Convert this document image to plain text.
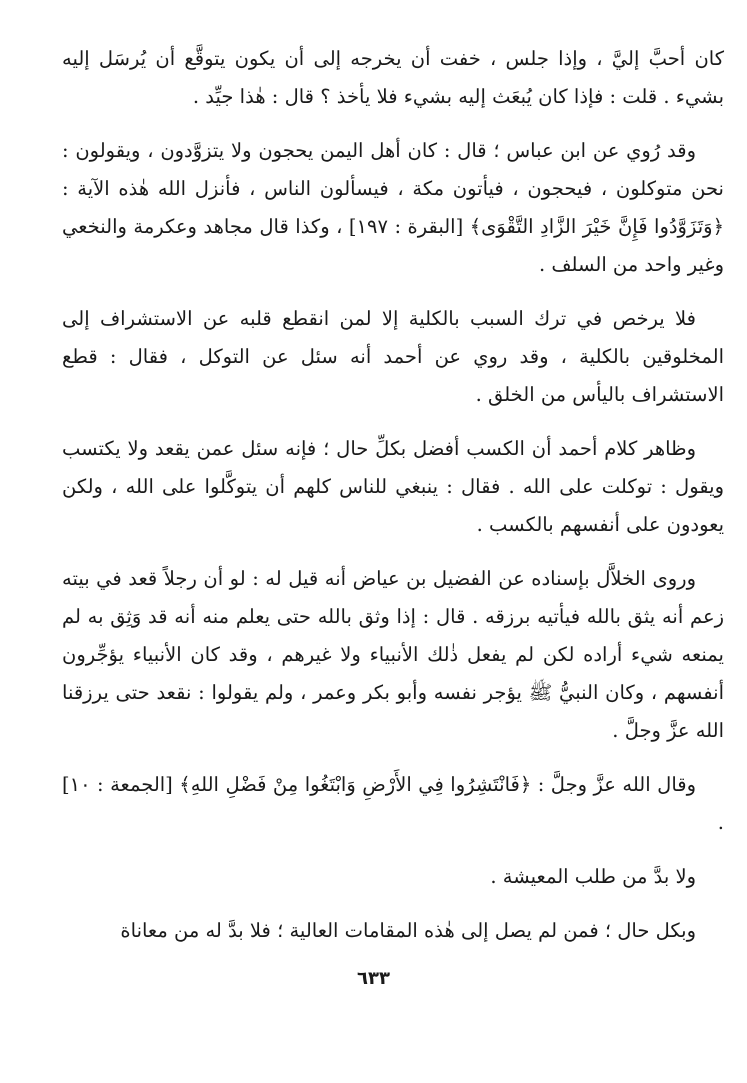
كان أحبَّ إليَّ ، وإذا جلس ، خفت أن يخرجه إلى أن يكون يتوقَّع أن يُرسَل إليه بشيء . قلت : فإذا كان يُبعَث إليه بشيء فلا يأخذ ؟ قال : هٰذا جيِّد .

وقد رُوي عن ابن عباس ؛ قال : كان أهل اليمن يحجون ولا يتزوَّدون ، ويقولون : نحن متوكلون ، فيحجون ، فيأتون مكة ، فيسألون الناس ، فأنزل الله هٰذه الآية : ﴿وَتَزَوَّدُوا فَإِنَّ خَيْرَ الزَّادِ التَّقْوَى﴾ [البقرة : ١٩٧] ، وكذا قال مجاهد وعكرمة والنخعي وغير واحد من السلف .

فلا يرخص في ترك السبب بالكلية إلا لمن انقطع قلبه عن الاستشراف إلى المخلوقين بالكلية ، وقد روي عن أحمد أنه سئل عن التوكل ، فقال : قطع الاستشراف باليأس من الخلق .

وظاهر كلام أحمد أن الكسب أفضل بكلِّ حال ؛ فإنه سئل عمن يقعد ولا يكتسب ويقول : توكلت على الله . فقال : ينبغي للناس كلهم أن يتوكَّلوا على الله ، ولكن يعودون على أنفسهم بالكسب .

وروى الخلاَّل بإسناده عن الفضيل بن عياض أنه قيل له : لو أن رجلاً قعد في بيته زعم أنه يثق بالله فيأتيه برزقه . قال : إذا وثق بالله حتى يعلم منه أنه قد وَثِق به لم يمنعه شيء أراده لكن لم يفعل ذٰلك الأنبياء ولا غيرهم ، وقد كان الأنبياء يؤجِّرون أنفسهم ، وكان النبيُّ ﷺ يؤجر نفسه وأبو بكر وعمر ، ولم يقولوا : نقعد حتى يرزقنا الله عزَّ وجلَّ .

وقال الله عزَّ وجلَّ : ﴿فَانْتَشِرُوا فِي الأَرْضِ وَابْتَغُوا مِنْ فَضْلِ اللهِ﴾ [الجمعة : ١٠] .

ولا بدَّ من طلب المعيشة .

وبكل حال ؛ فمن لم يصل إلى هٰذه المقامات العالية ؛ فلا بدَّ له من معاناة

٦٣٣
